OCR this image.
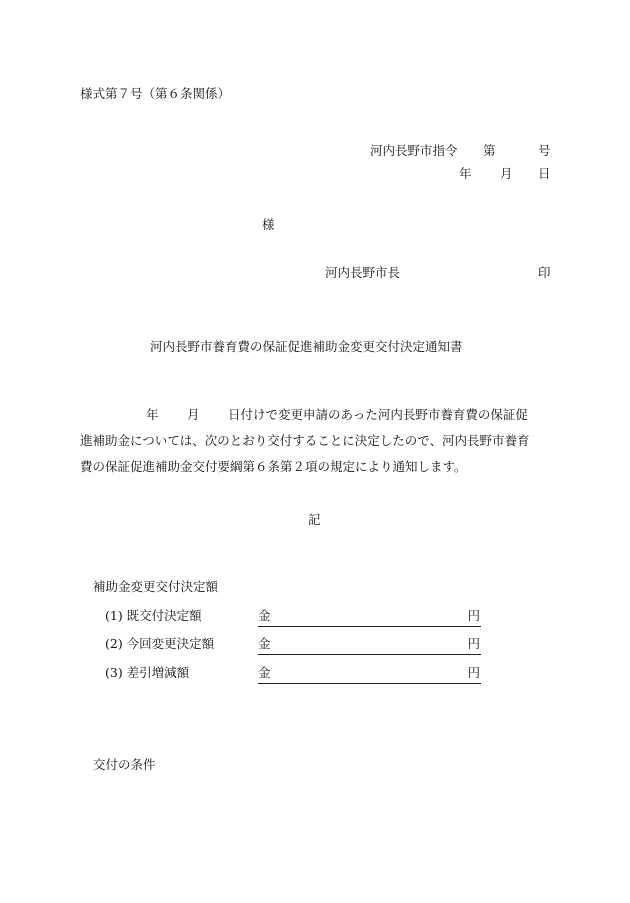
様式第７号（第６条関係）
河内長野市指令 第	号
年 月 日
様
河内長野市長	印
河内長野市養育費の保証促進補助金変更交付決定通知書
年 月 日付けで変更申請のあった河内長野市養育費の保証促
進補助金については、次のとおり交付することに決定したので、河内長野市養育
費の保証促進補助金交付要綱第６条第２項の規定により通知します。
記
補助金変更交付決定額
(1) 既交付決定額	金	円
(2) 今回変更決定額	金	円
(3) 差引増減額	金	円
交付の条件
